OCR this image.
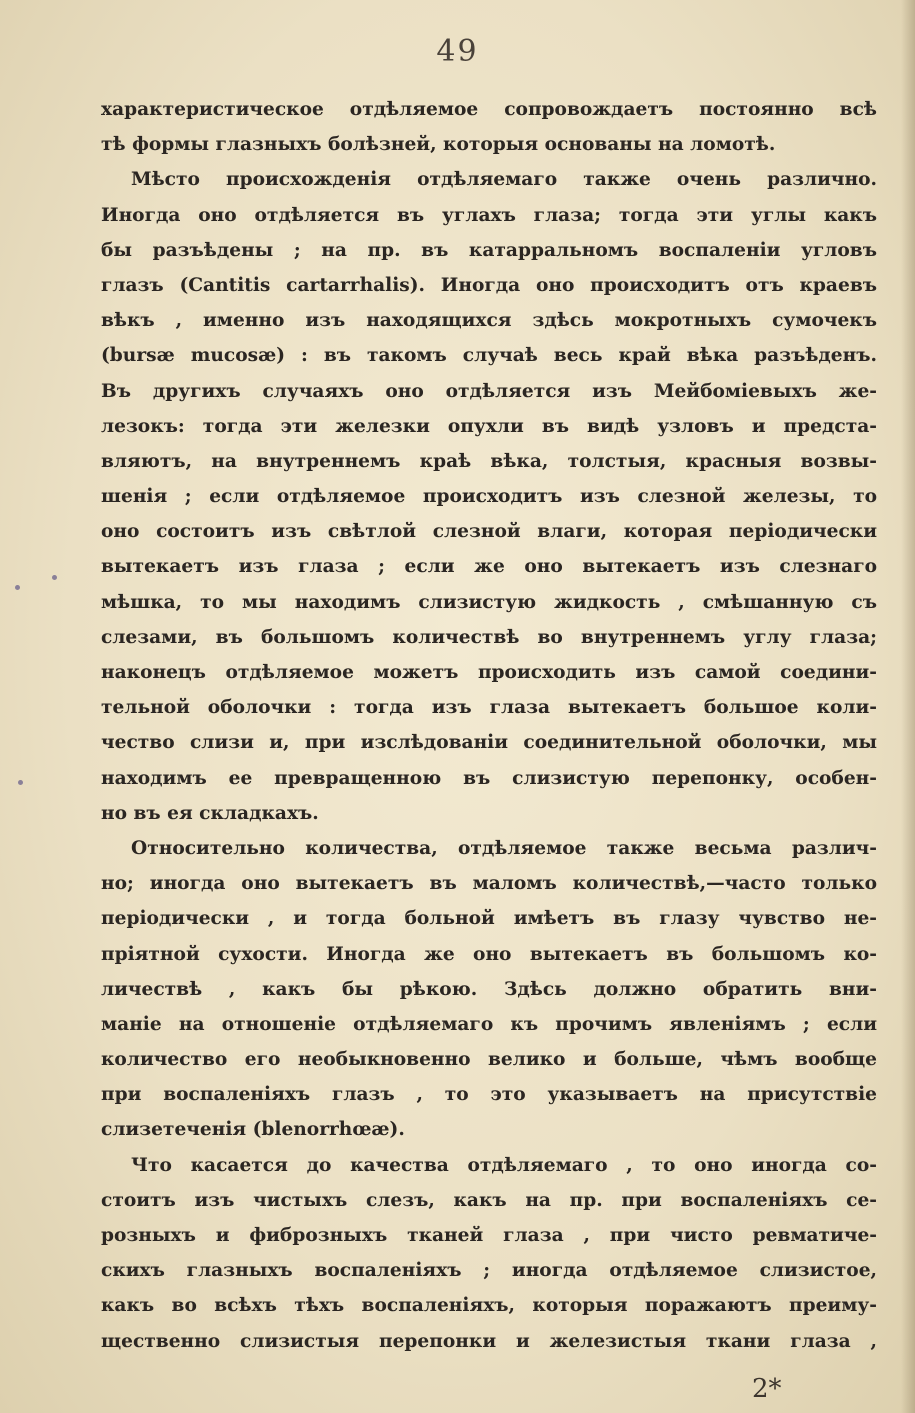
49
характеристическое отдѣляемое сопровождаетъ постоянно всѣ
тѣ формы глазныхъ болѣзней, которыя основаны на ломотѣ.
Мѣсто происхожденія отдѣляемаго также очень различно.
Иногда оно отдѣляется въ углахъ глаза; тогда эти углы какъ
бы разъѣдены ; на пр. въ катарральномъ воспаленіи угловъ
глазъ (Cantitis cartarrhalis). Иногда оно происходитъ отъ краевъ
вѣкъ , именно изъ находящихся здѣсь мокротныхъ сумочекъ
(bursæ mucosæ) : въ такомъ случаѣ весь край вѣка разъѣденъ.
Въ другихъ случаяхъ оно отдѣляется изъ Мейбоміевыхъ же-
лезокъ: тогда эти железки опухли въ видѣ узловъ и предста-
вляютъ, на внутреннемъ краѣ вѣка, толстыя, красныя возвы-
шенія ; если отдѣляемое происходитъ изъ слезной железы, то
оно состоитъ изъ свѣтлой слезной влаги, которая періодически
вытекаетъ изъ глаза ; если же оно вытекаетъ изъ слезнаго
мѣшка, то мы находимъ слизистую жидкость , смѣшанную съ
слезами, въ большомъ количествѣ во внутреннемъ углу глаза;
наконецъ отдѣляемое можетъ происходить изъ самой соедини-
тельной оболочки : тогда изъ глаза вытекаетъ большое коли-
чество слизи и, при изслѣдованіи соединительной оболочки, мы
находимъ ее превращенною въ слизистую перепонку, особен-
но въ ея складкахъ.
Относительно количества, отдѣляемое также весьма различ-
но; иногда оно вытекаетъ въ маломъ количествѣ,—часто только
періодически , и тогда больной имѣетъ въ глазу чувство не-
пріятной сухости. Иногда же оно вытекаетъ въ большомъ ко-
личествѣ , какъ бы рѣкою. Здѣсь должно обратить вни-
маніе на отношеніе отдѣляемаго къ прочимъ явленіямъ ; если
количество его необыкновенно велико и больше, чѣмъ вообще
при воспаленіяхъ глазъ , то это указываетъ на присутствіе
слизетеченія (blenorrhœæ).
Что касается до качества отдѣляемаго , то оно иногда со-
стоитъ изъ чистыхъ слезъ, какъ на пр. при воспаленіяхъ се-
розныхъ и фиброзныхъ тканей глаза , при чисто ревматиче-
скихъ глазныхъ воспаленіяхъ ; иногда отдѣляемое слизистое,
какъ во всѣхъ тѣхъ воспаленіяхъ, которыя поражаютъ преиму-
щественно слизистыя перепонки и железистыя ткани глаза ,
2*
